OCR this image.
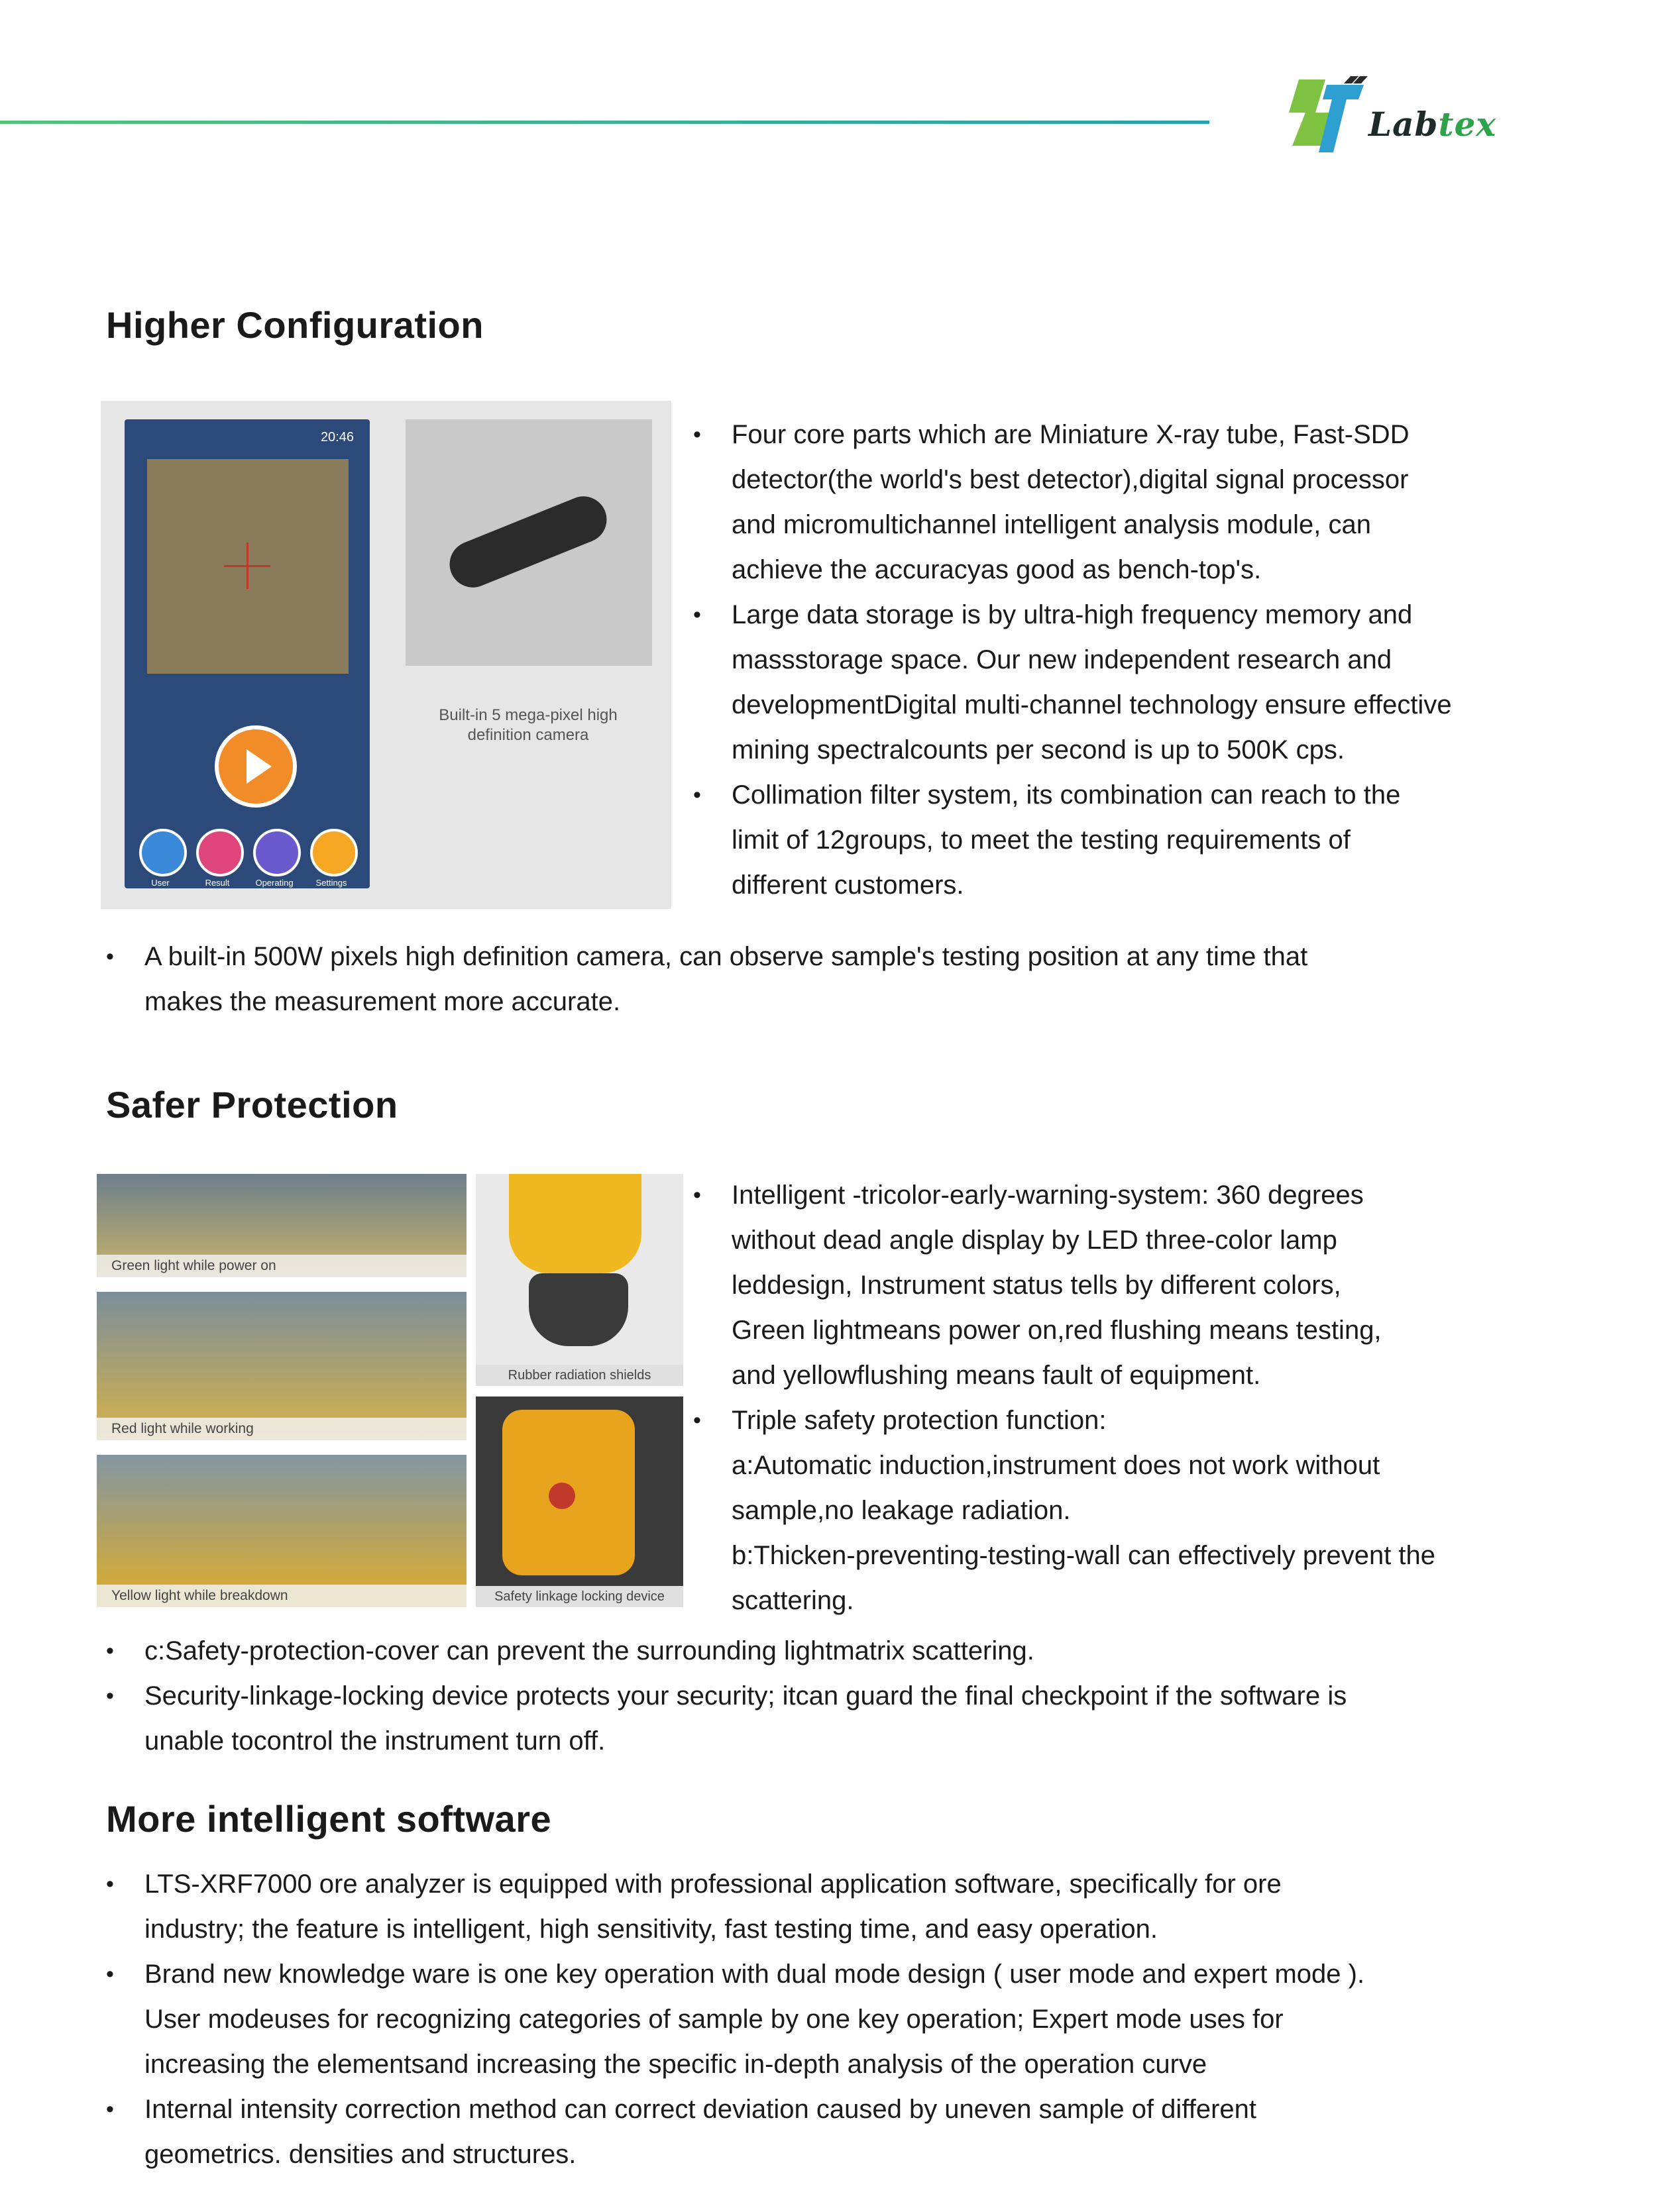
Labtex
Higher Configuration
20:46
User	Result	Operating	Settings
Built-in 5 mega-pixel high
definition camera
• Four core parts which are Miniature X-ray tube, Fast-SDD
detector(the world's best detector),digital signal processor
and micromultichannel intelligent analysis module, can
achieve the accuracyas good as bench-top's.
• Large data storage is by ultra-high frequency memory and
massstorage space. Our new independent research and
developmentDigital multi-channel technology ensure effective
mining spectralcounts per second is up to 500K cps.
• Collimation filter system, its combination can reach to the
limit of 12groups, to meet the testing requirements of
different customers.
• A built-in 500W pixels high definition camera, can observe sample's testing position at any time that
makes the measurement more accurate.
Safer Protection
Green light while power on
Red light while working
Yellow light while breakdown
Rubber radiation shields
Safety linkage locking device
• Intelligent -tricolor-early-warning-system: 360 degrees
without dead angle display by LED three-color lamp
leddesign, Instrument status tells by different colors,
Green lightmeans power on,red flushing means testing,
and yellowflushing means fault of equipment.
• Triple safety protection function:
a:Automatic induction,instrument does not work without
sample,no leakage radiation.
b:Thicken-preventing-testing-wall can effectively prevent the
scattering.
• c:Safety-protection-cover can prevent the surrounding lightmatrix scattering.
• Security-linkage-locking device protects your security; itcan guard the final checkpoint if the software is
unable tocontrol the instrument turn off.
More intelligent software
• LTS-XRF7000 ore analyzer is equipped with professional application software, specifically for ore
industry; the feature is intelligent, high sensitivity, fast testing time, and easy operation.
• Brand new knowledge ware is one key operation with dual mode design ( user mode and expert mode ).
User modeuses for recognizing categories of sample by one key operation; Expert mode uses for
increasing the elementsand increasing the specific in-depth analysis of the operation curve
• Internal intensity correction method can correct deviation caused by uneven sample of different
geometrics. densities and structures.
